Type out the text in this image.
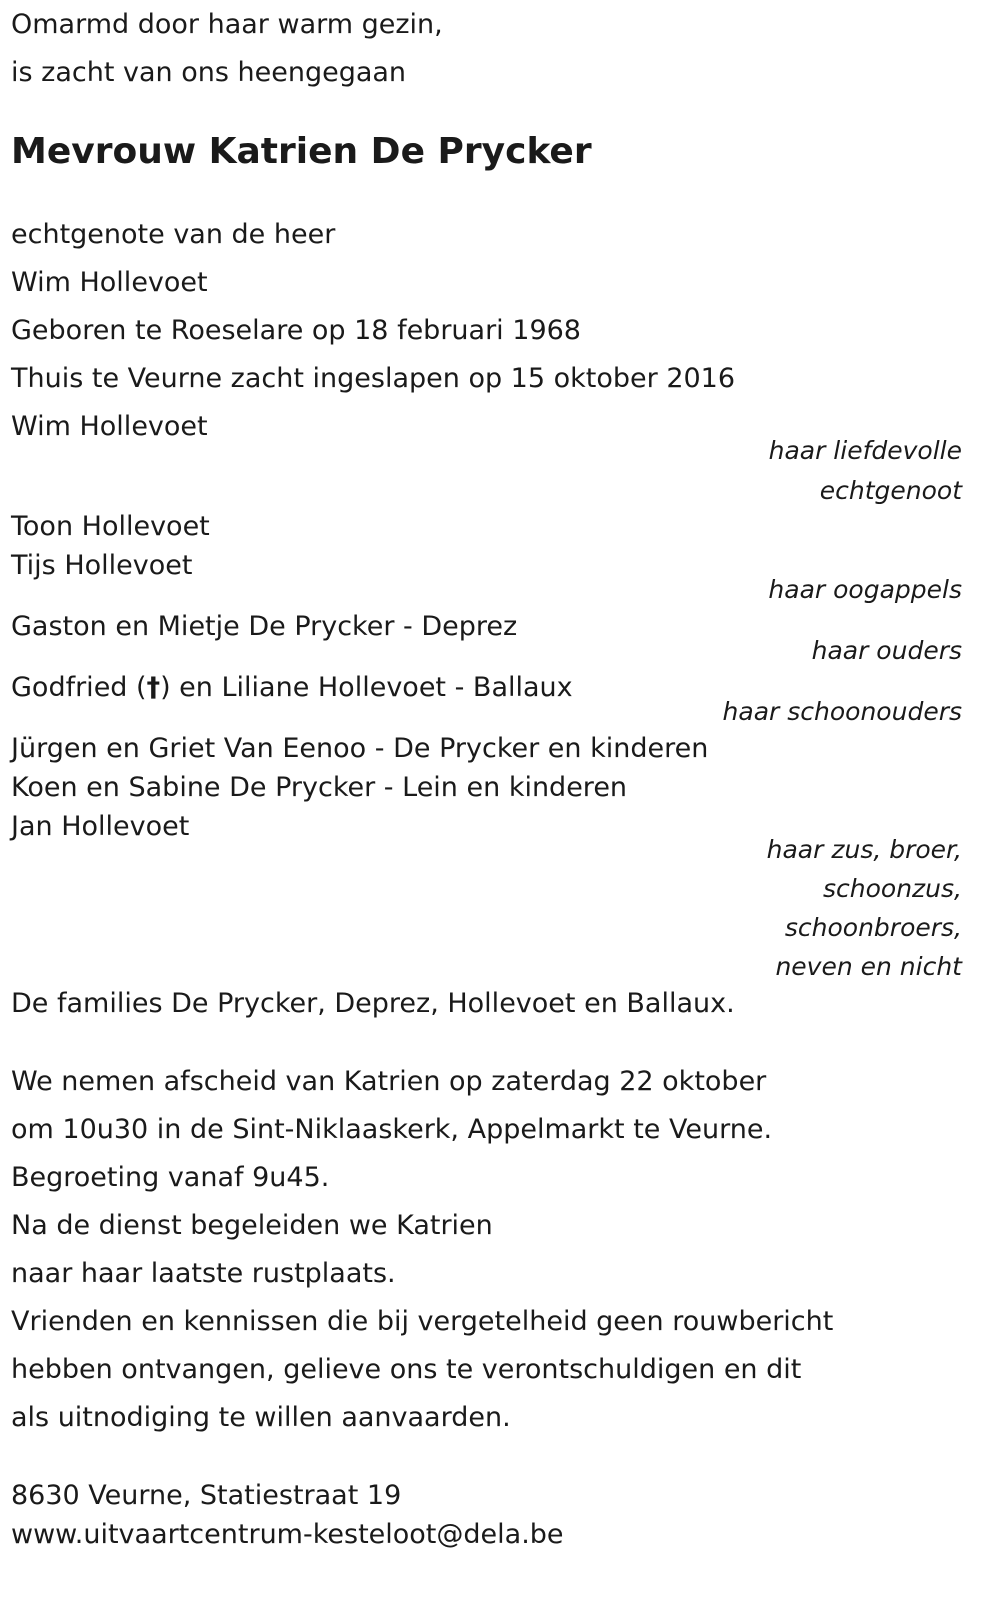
Omarmd door haar warm gezin,
is zacht van ons heengegaan
Mevrouw Katrien De Prycker
echtgenote van de heer
Wim Hollevoet
Geboren te Roeselare op 18 februari 1968
Thuis te Veurne zacht ingeslapen op 15 oktober 2016
Wim Hollevoet
haar liefdevolle
echtgenoot
Toon Hollevoet
Tijs Hollevoet
haar oogappels
Gaston en Mietje De Prycker - Deprez
haar ouders
Godfried (†) en Liliane Hollevoet - Ballaux
haar schoonouders
Jürgen en Griet Van Eenoo - De Prycker en kinderen
Koen en Sabine De Prycker - Lein en kinderen
Jan Hollevoet
haar zus, broer,
schoonzus,
schoonbroers,
neven en nicht
De families De Prycker, Deprez, Hollevoet en Ballaux.
We nemen afscheid van Katrien op zaterdag 22 oktober
om 10u30 in de Sint-Niklaaskerk, Appelmarkt te Veurne.
Begroeting vanaf 9u45.
Na de dienst begeleiden we Katrien
naar haar laatste rustplaats.
Vrienden en kennissen die bij vergetelheid geen rouwbericht
hebben ontvangen, gelieve ons te verontschuldigen en dit
als uitnodiging te willen aanvaarden.
8630 Veurne, Statiestraat 19
www.uitvaartcentrum-kesteloot@dela.be
